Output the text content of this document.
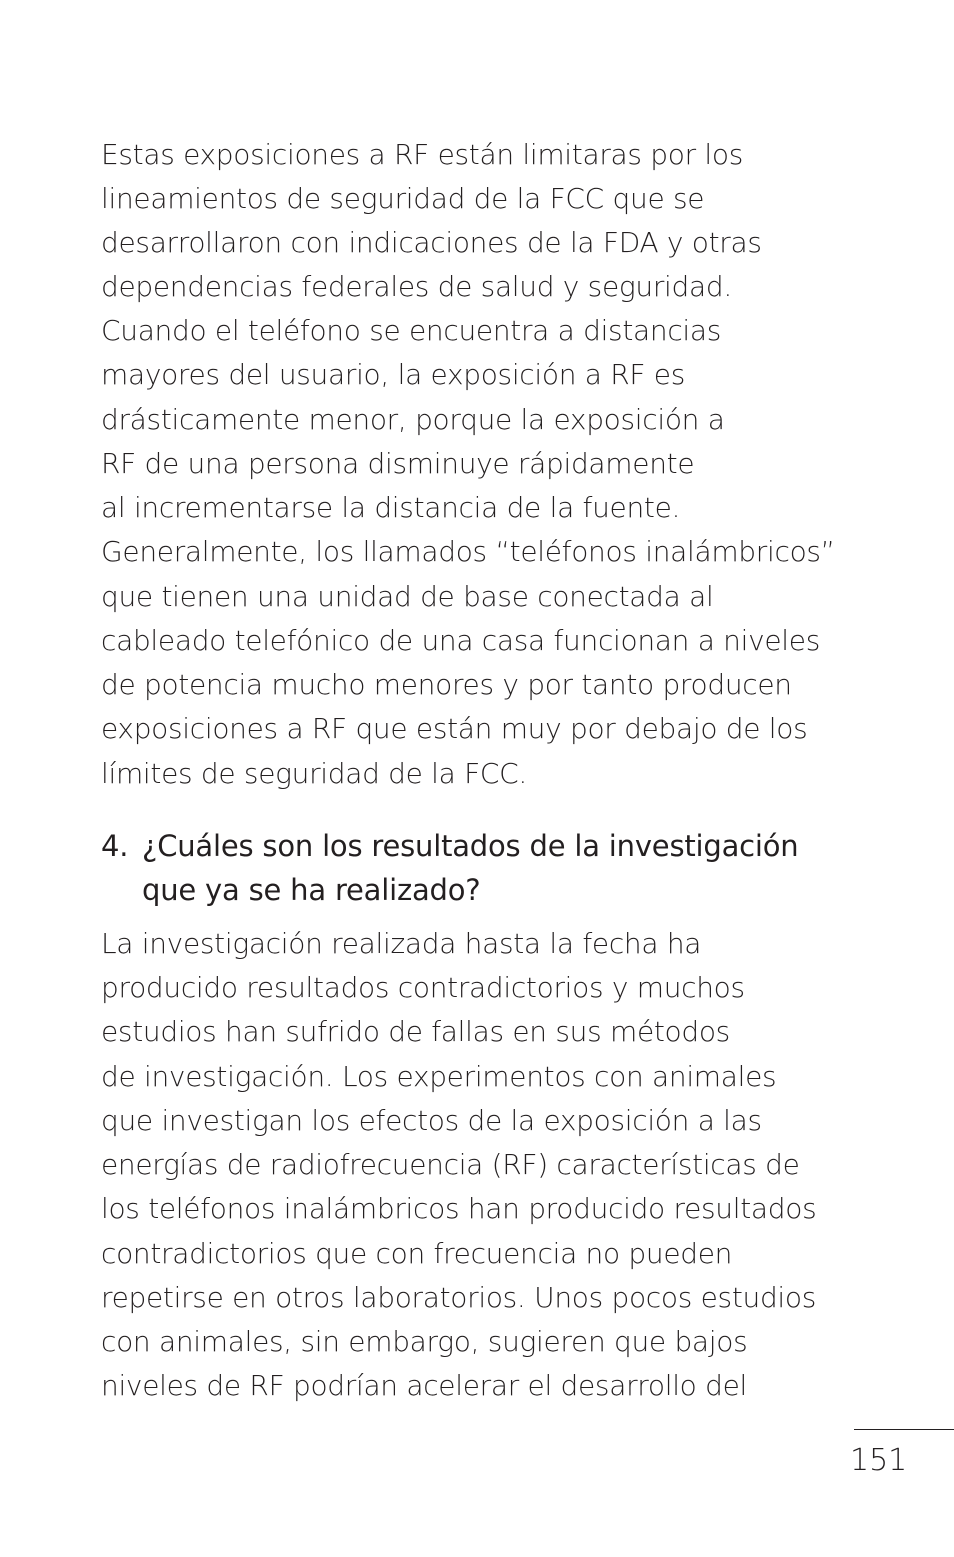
Estas exposiciones a RF están limitaras por los
lineamientos de seguridad de la FCC que se
desarrollaron con indicaciones de la FDA y otras
dependencias federales de salud y seguridad.
Cuando el teléfono se encuentra a distancias
mayores del usuario, la exposición a RF es
drásticamente menor, porque la exposición a
RF de una persona disminuye rápidamente
al incrementarse la distancia de la fuente.
Generalmente, los llamados “teléfonos inalámbricos”
que tienen una unidad de base conectada al
cableado telefónico de una casa funcionan a niveles
de potencia mucho menores y por tanto producen
exposiciones a RF que están muy por debajo de los
límites de seguridad de la FCC.
4. ¿Cuáles son los resultados de la investigación
que ya se ha realizado?
La investigación realizada hasta la fecha ha
producido resultados contradictorios y muchos
estudios han sufrido de fallas en sus métodos
de investigación. Los experimentos con animales
que investigan los efectos de la exposición a las
energías de radiofrecuencia (RF) características de
los teléfonos inalámbricos han producido resultados
contradictorios que con frecuencia no pueden
repetirse en otros laboratorios. Unos pocos estudios
con animales, sin embargo, sugieren que bajos
niveles de RF podrían acelerar el desarrollo del
151
